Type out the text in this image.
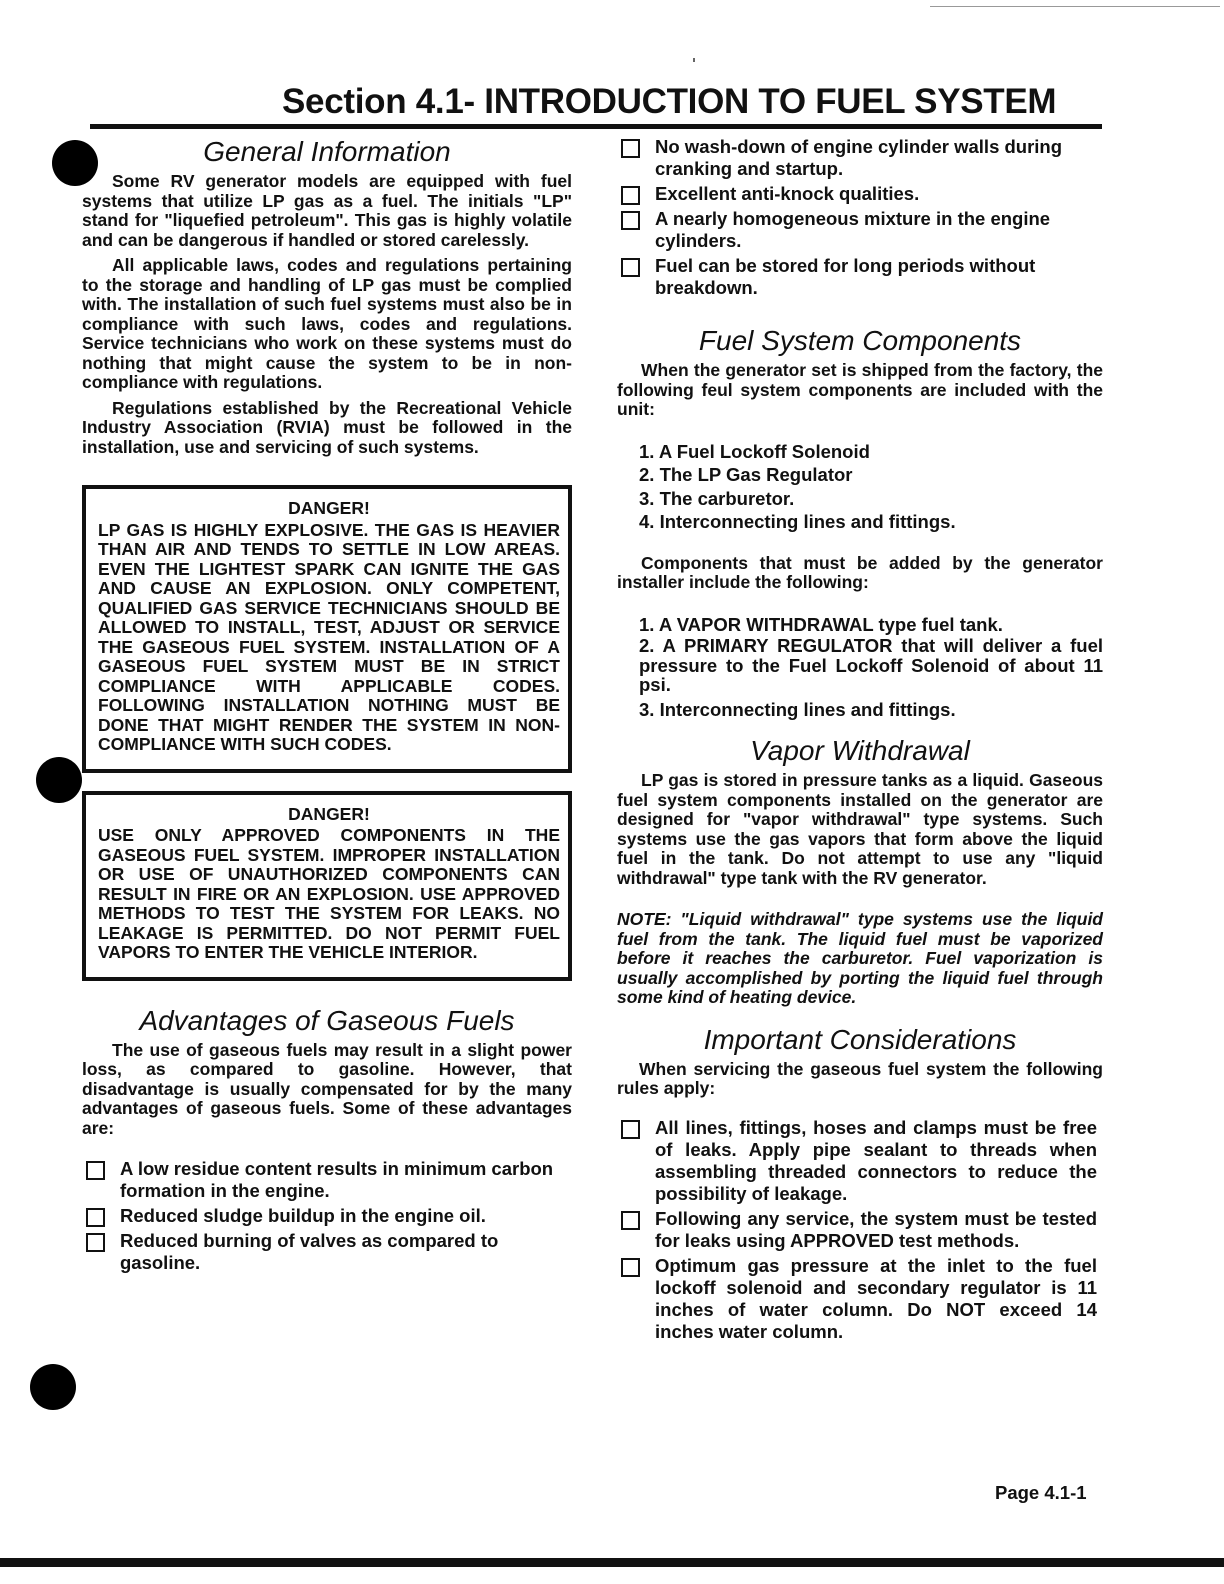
Section 4.1- INTRODUCTION TO FUEL SYSTEM
General Information

Some RV generator models are equipped with fuel systems that utilize LP gas as a fuel. The initials "LP" stand for "liquefied petroleum". This gas is highly volatile and can be dangerous if handled or stored carelessly.

All applicable laws, codes and regulations pertaining to the storage and handling of LP gas must be complied with. The installation of such fuel systems must also be in compliance with such laws, codes and regulations. Service technicians who work on these systems must do nothing that might cause the system to be in non-compliance with regulations.

Regulations established by the Recreational Vehicle Industry Association (RVIA) must be followed in the installation, use and servicing of such systems.

DANGER!
LP GAS IS HIGHLY EXPLOSIVE. THE GAS IS HEAVIER THAN AIR AND TENDS TO SETTLE IN LOW AREAS. EVEN THE LIGHTEST SPARK CAN IGNITE THE GAS AND CAUSE AN EXPLOSION. ONLY COMPETENT, QUALIFIED GAS SERVICE TECHNICIANS SHOULD BE ALLOWED TO INSTALL, TEST, ADJUST OR SERVICE THE GASEOUS FUEL SYSTEM. INSTALLATION OF A GASEOUS FUEL SYSTEM MUST BE IN STRICT COMPLIANCE WITH APPLICABLE CODES. FOLLOWING INSTALLATION NOTHING MUST BE DONE THAT MIGHT RENDER THE SYSTEM IN NON-COMPLIANCE WITH SUCH CODES.
DANGER!
USE ONLY APPROVED COMPONENTS IN THE GASEOUS FUEL SYSTEM. IMPROPER INSTALLATION OR USE OF UNAUTHORIZED COMPONENTS CAN RESULT IN FIRE OR AN EXPLOSION. USE APPROVED METHODS TO TEST THE SYSTEM FOR LEAKS. NO LEAKAGE IS PERMITTED. DO NOT PERMIT FUEL VAPORS TO ENTER THE VEHICLE INTERIOR.
Advantages of Gaseous Fuels

The use of gaseous fuels may result in a slight power loss, as compared to gasoline. However, that disadvantage is usually compensated for by the many advantages of gaseous fuels. Some of these advantages are:

A low residue content results in minimum carbon formation in the engine.
Reduced sludge buildup in the engine oil.
Reduced burning of valves as compared to gasoline.
No wash-down of engine cylinder walls during cranking and startup.
Excellent anti-knock qualities.
A nearly homogeneous mixture in the engine cylinders.
Fuel can be stored for long periods without breakdown.
Fuel System Components

When the generator set is shipped from the factory, the following feul system components are included with the unit:

1. A Fuel Lockoff Solenoid
2. The LP Gas Regulator
3. The carburetor.
4. Interconnecting lines and fittings.

Components that must be added by the generator installer include the following:

1. A VAPOR WITHDRAWAL type fuel tank.
2. A PRIMARY REGULATOR that will deliver a fuel pressure to the Fuel Lockoff Solenoid of about 11 psi.
3. Interconnecting lines and fittings.
Vapor Withdrawal

LP gas is stored in pressure tanks as a liquid. Gaseous fuel system components installed on the generator are designed for "vapor withdrawal" type systems. Such systems use the gas vapors that form above the liquid fuel in the tank. Do not attempt to use any "liquid withdrawal" type tank with the RV generator.

NOTE: "Liquid withdrawal" type systems use the liquid fuel from the tank. The liquid fuel must be vaporized before it reaches the carburetor. Fuel vaporization is usually accomplished by porting the liquid fuel through some kind of heating device.

Important Considerations

When servicing the gaseous fuel system the following rules apply:

All lines, fittings, hoses and clamps must be free of leaks. Apply pipe sealant to threads when assembling threaded connectors to reduce the possibility of leakage.
Following any service, the system must be tested for leaks using APPROVED test methods.
Optimum gas pressure at the inlet to the fuel lockoff solenoid and secondary regulator is 11 inches of water column. Do NOT exceed 14 inches water column.
Page 4.1-1
